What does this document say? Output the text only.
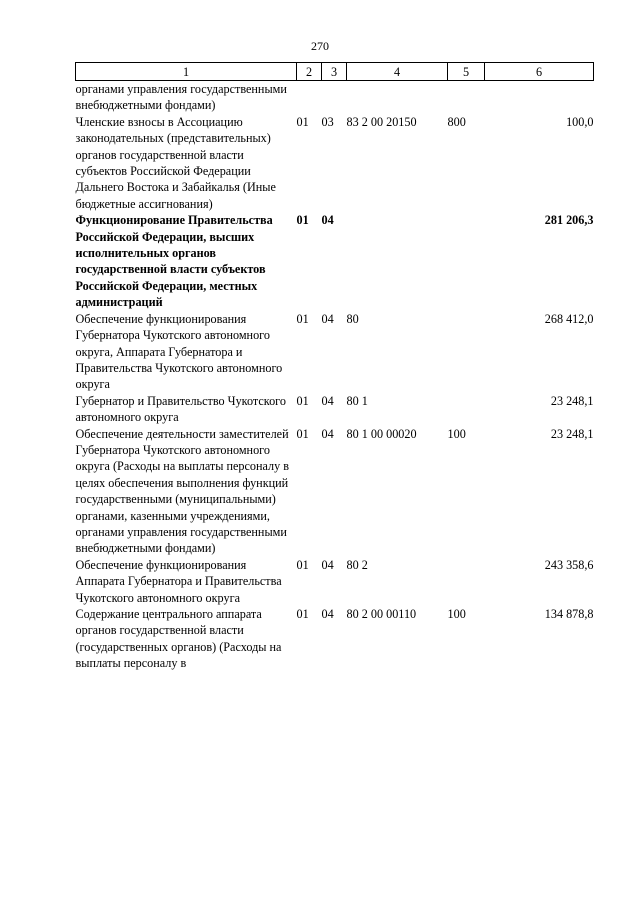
270
1	2	3	4	5	6
органами управления государственными внебюджетными фондами)					
Членские взносы в Ассоциацию законодательных (представительных) органов государственной власти субъектов Российской Федерации Дальнего Востока и Забайкалья (Иные бюджетные ассигнования)	01	03	83 2 00 20150	800	100,0
Функционирование Правительства Российской Федерации, высших исполнительных органов государственной власти субъектов Российской Федерации, местных администраций	01	04			281 206,3
Обеспечение функционирования Губернатора Чукотского автономного округа, Аппарата Губернатора и Правительства Чукотского автономного округа	01	04	80		268 412,0
Губернатор и Правительство Чукотского автономного округа	01	04	80 1		23 248,1
Обеспечение деятельности заместителей Губернатора Чукотского автономного округа (Расходы на выплаты персоналу в целях обеспечения выполнения функций государственными (муниципальными) органами, казенными учреждениями, органами управления государственными внебюджетными фондами)	01	04	80 1 00 00020	100	23 248,1
Обеспечение функционирования Аппарата Губернатора и Правительства Чукотского автономного округа	01	04	80 2		243 358,6
Содержание центрального аппарата органов государственной власти (государственных органов) (Расходы на выплаты персоналу в	01	04	80 2 00 00110	100	134 878,8
